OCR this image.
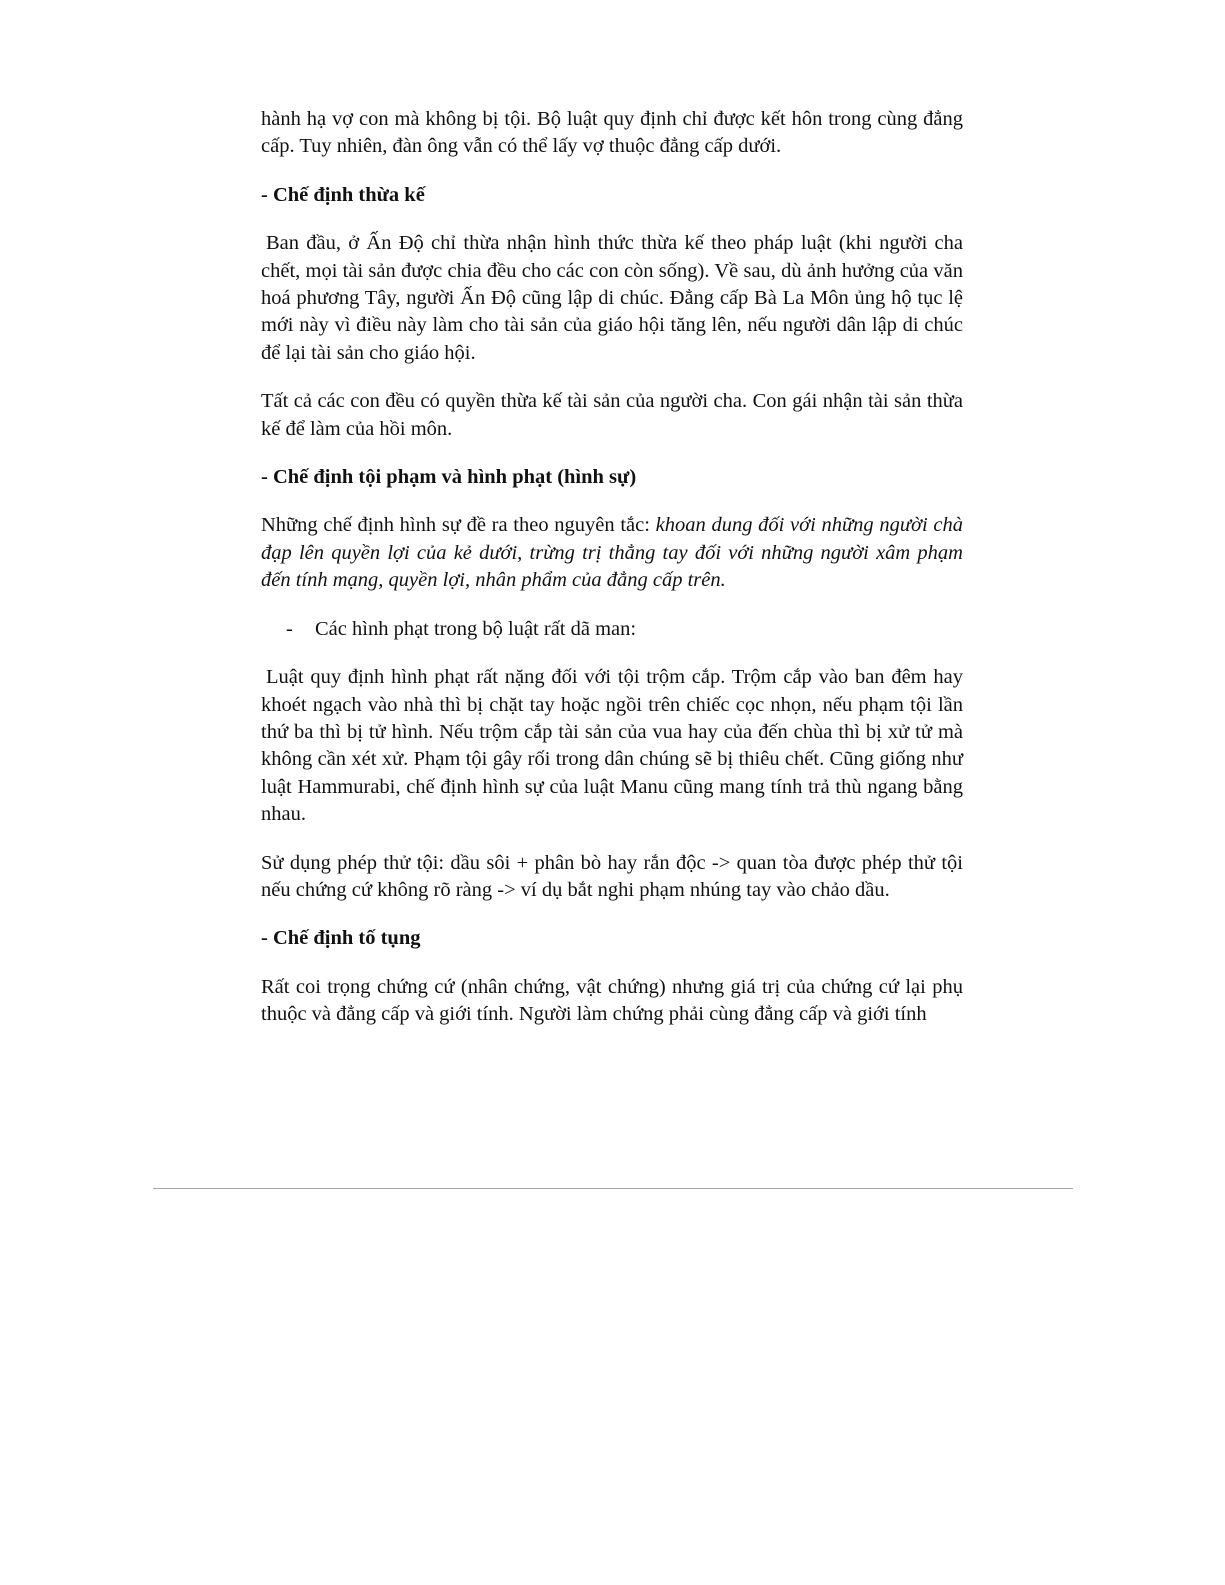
hành hạ vợ con mà không bị tội. Bộ luật quy định chỉ được kết hôn trong cùng đẳng cấp. Tuy nhiên, đàn ông vẫn có thể lấy vợ thuộc đẳng cấp dưới.

- Chế định thừa kế

Ban đầu, ở Ấn Độ chỉ thừa nhận hình thức thừa kế theo pháp luật (khi người cha chết, mọi tài sản được chia đều cho các con còn sống). Về sau, dù ảnh hưởng của văn hoá phương Tây, người Ấn Độ cũng lập di chúc. Đẳng cấp Bà La Môn ủng hộ tục lệ mới này vì điều này làm cho tài sản của giáo hội tăng lên, nếu người dân lập di chúc để lại tài sản cho giáo hội.

Tất cả các con đều có quyền thừa kế tài sản của người cha. Con gái nhận tài sản thừa kế để làm của hồi môn.

- Chế định tội phạm và hình phạt (hình sự)

Những chế định hình sự đề ra theo nguyên tắc: khoan dung đối với những người chà đạp lên quyền lợi của kẻ dưới, trừng trị thẳng tay đối với những người xâm phạm đến tính mạng, quyền lợi, nhân phẩm của đẳng cấp trên.

-	Các hình phạt trong bộ luật rất dã man:

Luật quy định hình phạt rất nặng đối với tội trộm cắp. Trộm cắp vào ban đêm hay khoét ngạch vào nhà thì bị chặt tay hoặc ngồi trên chiếc cọc nhọn, nếu phạm tội lần thứ ba thì bị tử hình. Nếu trộm cắp tài sản của vua hay của đến chùa thì bị xử tử mà không cần xét xử. Phạm tội gây rối trong dân chúng sẽ bị thiêu chết. Cũng giống như luật Hammurabi, chế định hình sự của luật Manu cũng mang tính trả thù ngang bằng nhau.

Sử dụng phép thử tội: dầu sôi + phân bò hay rắn độc -> quan tòa được phép thử tội nếu chứng cứ không rõ ràng -> ví dụ bắt nghi phạm nhúng tay vào chảo dầu.

- Chế định tố tụng

Rất coi trọng chứng cứ (nhân chứng, vật chứng) nhưng giá trị của chứng cứ lại phụ thuộc và đẳng cấp và giới tính. Người làm chứng phải cùng đẳng cấp và giới tính
